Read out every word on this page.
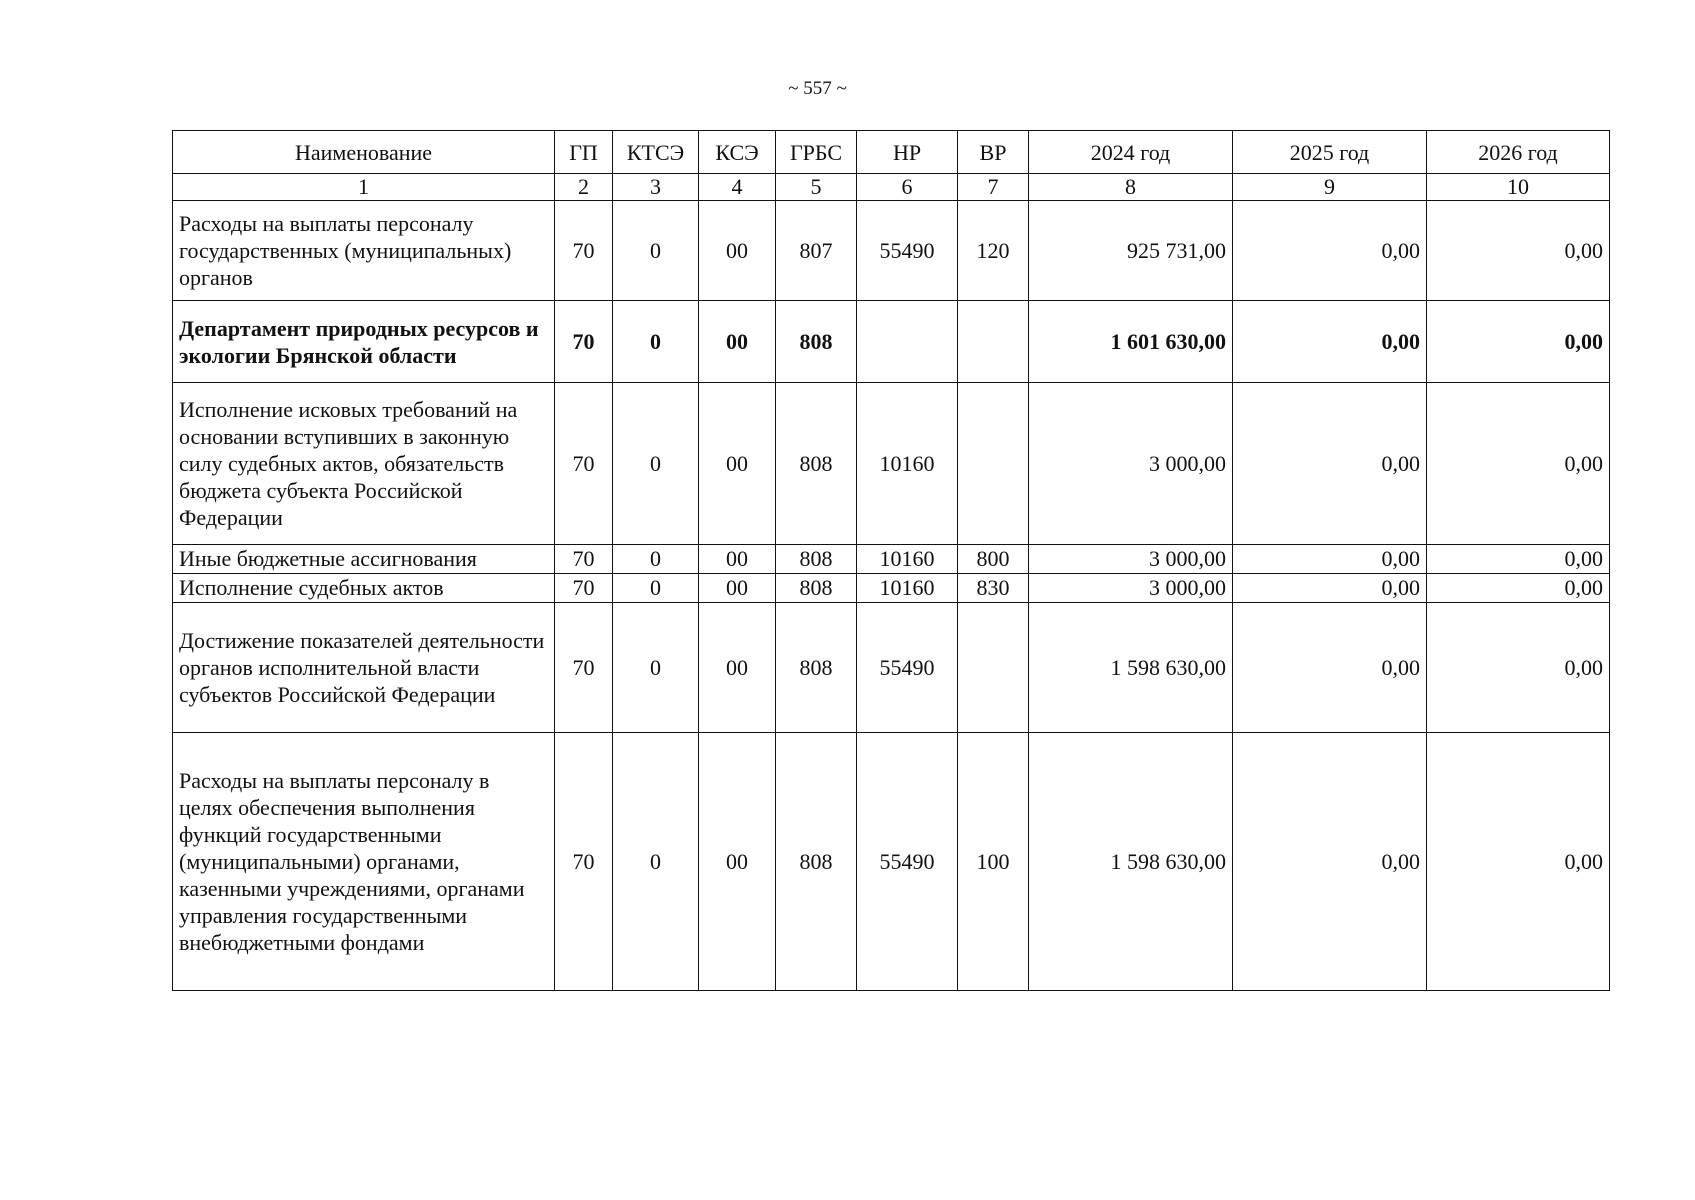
~ 557 ~
Наименование	ГП	КТСЭ	КСЭ	ГРБС	НР	ВР	2024 год	2025 год	2026 год
1	2	3	4	5	6	7	8	9	10
Расходы на выплаты персоналу государственных (муниципальных) органов	70	0	00	807	55490	120	925 731,00	0,00	0,00
Департамент природных ресурсов и экологии Брянской области	70	0	00	808			1 601 630,00	0,00	0,00
Исполнение исковых требований на основании вступивших в законную силу судебных актов, обязательств бюджета субъекта Российской Федерации	70	0	00	808	10160		3 000,00	0,00	0,00
Иные бюджетные ассигнования	70	0	00	808	10160	800	3 000,00	0,00	0,00
Исполнение судебных актов	70	0	00	808	10160	830	3 000,00	0,00	0,00
Достижение показателей деятельности органов исполнительной власти субъектов Российской Федерации	70	0	00	808	55490		1 598 630,00	0,00	0,00
Расходы на выплаты персоналу в целях обеспечения выполнения функций государственными (муниципальными) органами, казенными учреждениями, органами управления государственными внебюджетными фондами	70	0	00	808	55490	100	1 598 630,00	0,00	0,00
